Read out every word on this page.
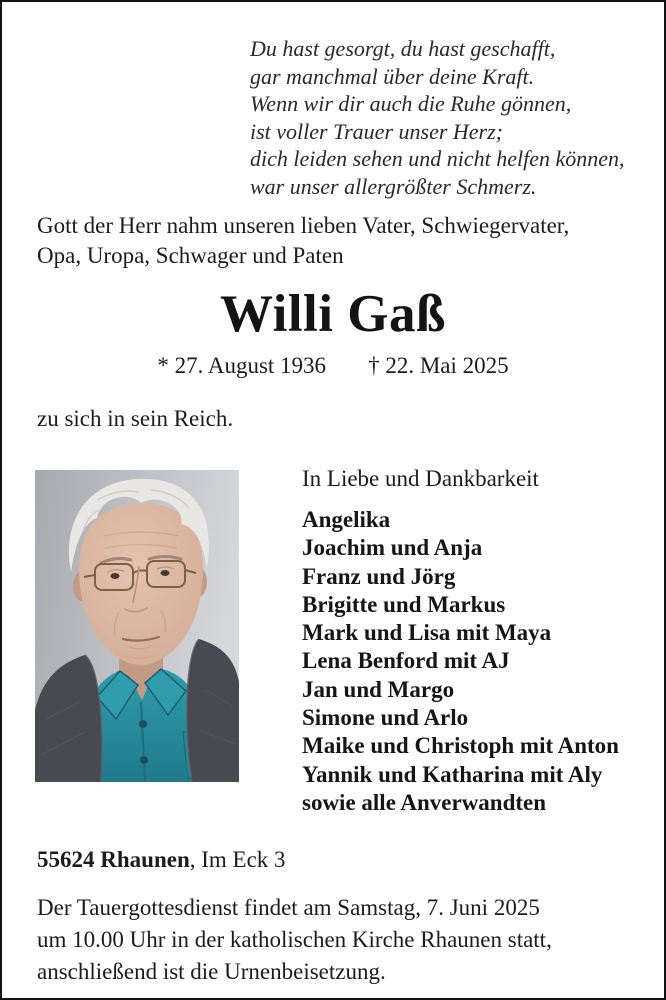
Du hast gesorgt, du hast geschafft,
gar manchmal über deine Kraft.
Wenn wir dir auch die Ruhe gönnen,
ist voller Trauer unser Herz;
dich leiden sehen und nicht helfen können,
war unser allergrößter Schmerz.
Gott der Herr nahm unseren lieben Vater, Schwiegervater,
Opa, Uropa, Schwager und Paten
Willi Gaß
* 27. August 1936 † 22. Mai 2025
zu sich in sein Reich.
In Liebe und Dankbarkeit
Angelika
Joachim und Anja
Franz und Jörg
Brigitte und Markus
Mark und Lisa mit Maya
Lena Benford mit AJ
Jan und Margo
Simone und Arlo
Maike und Christoph mit Anton
Yannik und Katharina mit Aly
sowie alle Anverwandten
55624 Rhaunen, Im Eck 3
Der Tauergottesdienst findet am Samstag, 7. Juni 2025
um 10.00 Uhr in der katholischen Kirche Rhaunen statt,
anschließend ist die Urnenbeisetzung.
